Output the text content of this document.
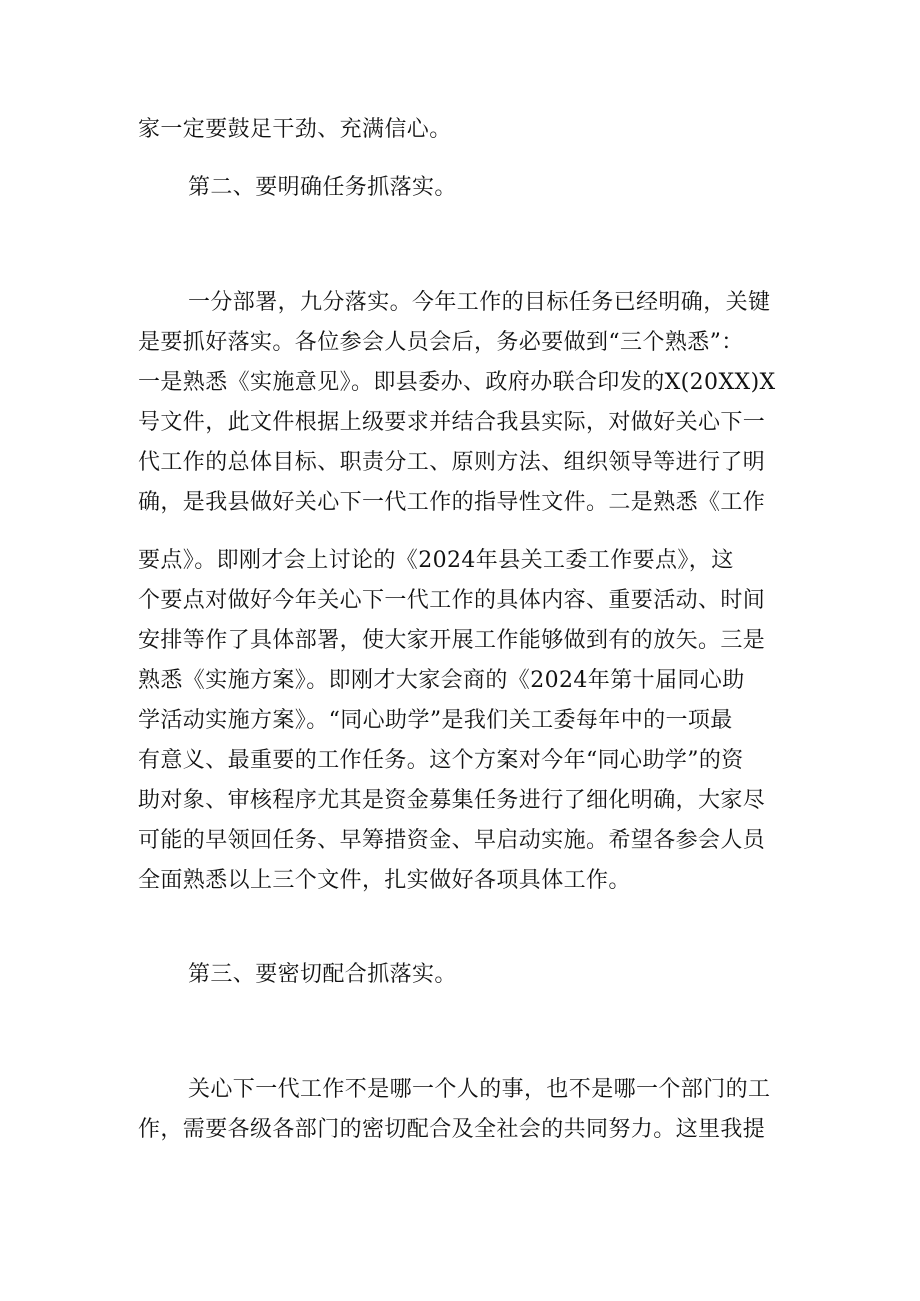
家一定要鼓足干劲、充满信心。
第二、要明确任务抓落实。
一分部署，九分落实。今年工作的目标任务已经明确，关键
是要抓好落实。各位参会人员会后，务必要做到“三个熟悉”：
一是熟悉《实施意见》。即县委办、政府办联合印发的X(20XX)X
号文件，此文件根据上级要求并结合我县实际，对做好关心下一
代工作的总体目标、职责分工、原则方法、组织领导等进行了明
确，是我县做好关心下一代工作的指导性文件。二是熟悉《工作
要点》。即刚才会上讨论的《2024年县关工委工作要点》，这
个要点对做好今年关心下一代工作的具体内容、重要活动、时间
安排等作了具体部署，使大家开展工作能够做到有的放矢。三是
熟悉《实施方案》。即刚才大家会商的《2024年第十届同心助
学活动实施方案》。“同心助学”是我们关工委每年中的一项最
有意义、最重要的工作任务。这个方案对今年“同心助学”的资
助对象、审核程序尤其是资金募集任务进行了细化明确，大家尽
可能的早领回任务、早筹措资金、早启动实施。希望各参会人员
全面熟悉以上三个文件，扎实做好各项具体工作。
第三、要密切配合抓落实。
关心下一代工作不是哪一个人的事，也不是哪一个部门的工
作，需要各级各部门的密切配合及全社会的共同努力。这里我提
